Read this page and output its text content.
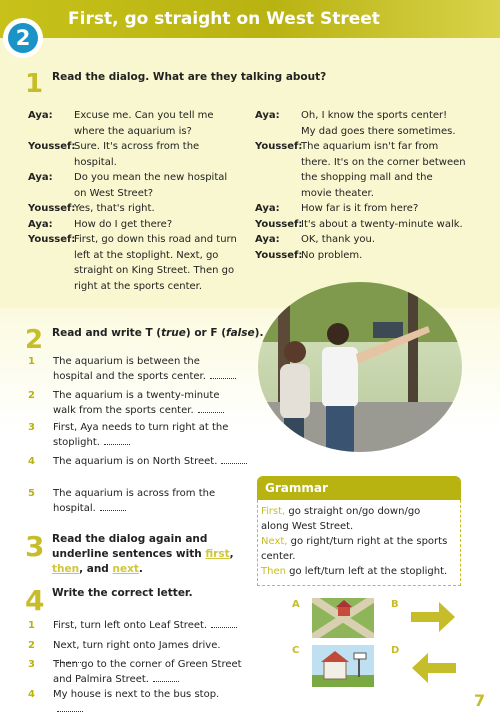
First, go straight on West Street
2
1 Read the dialog. What are they talking about?
Aya:	Excuse me. Can you tell me
where the aquarium is?
Youssef:
Sure. It's across from the
hospital.
Aya:	Do you mean the new hospital
on West Street?
Youssef:
Yes, that's right.
Aya:	How do I get there?
Youssef:
First, go down this road and turn
left at the stoplight. Next, go
straight on King Street. Then go
right at the sports center.
Aya:	Oh, I know the sports center!
My dad goes there sometimes.
Youssef:
The aquarium isn't far from
there. It's on the corner between
the shopping mall and the
movie theater.
Aya:	How far is it from here?
Youssef:
It's about a twenty-minute walk.
Aya:	OK, thank you.
Youssef:
No problem.
2 Read and write T (true) or F (false).
1 The aquarium is between the
hospital and the sports center.
2 The aquarium is a twenty-minute
walk from the sports center.
3 First, Aya needs to turn right at the
stoplight.
4 The aquarium is on North Street.
5 The aquarium is across from the
hospital.
3 Read the dialog again and
underline sentences with first,
then, and next.
4 Write the correct letter.
1 First, turn left onto Leaf Street.
2 Next, turn right onto James drive.
3 Then go to the corner of Green Street
and Palmira Street.
4 My house is next to the bus stop.
Grammar
First, go straight on/go down/go
along West Street.
Next, go right/turn right at the sports
center.
Then go left/turn left at the stoplight.
A	B
C	D
7
